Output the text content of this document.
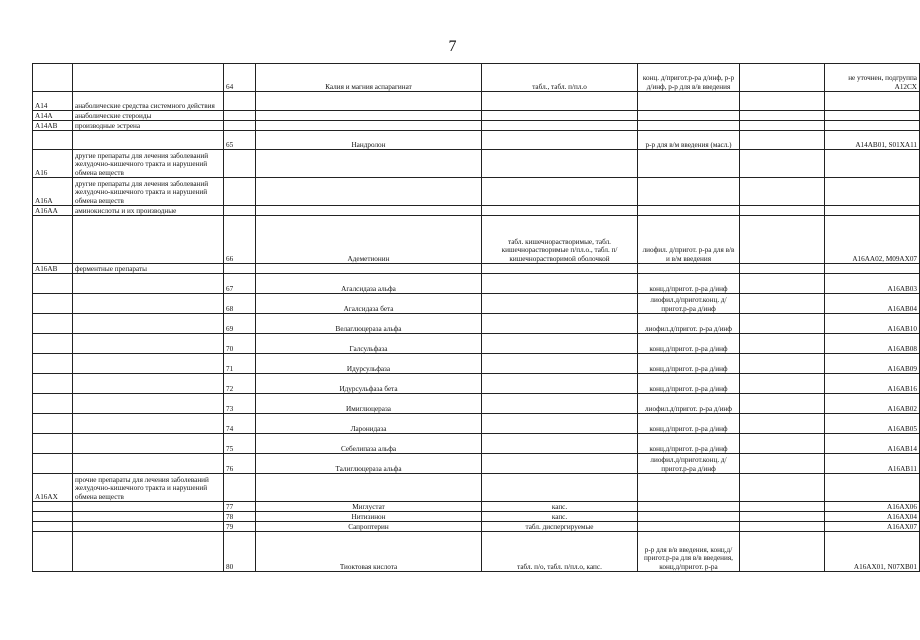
7
		64	Калия и магния аспарагинат	табл., табл. п/пл.о	конц. д/пригот.р-ра д/инф, р-р д/инф, р-р для в/в введения		не уточнен, подгруппа A12CX
A14	анаболические средства системного действия						
A14A	анаболические стероиды						
A14AB	производные эстрена						
		65	Нандролон		р-р для в/м введения (масл.)		A14AB01, S01XA11
A16	другие препараты для лечения заболеваний желудочно-кишечного тракта и нарушений обмена веществ						
A16A	другие препараты для лечения заболеваний желудочно-кишечного тракта и нарушений обмена веществ						
A16AA	аминокислоты и их производные						
		66	Адеметионин	табл. кишечнорастворимые, табл. кишечнорастворимые п/пл.о., табл. п/кишечнорастворимой оболочкой	лиофил. д/пригот. р-ра для в/в и в/м введения		A16AA02, M09AX07
A16AB	ферментные препараты						
		67	Агалсидаза альфа		конц.д/пригот. р-ра д/инф		A16AB03
		68	Агалсидаза бета		лиофил.д/пригот.конц. д/пригот.р-ра д/инф		A16AB04
		69	Велаглюцераза альфа		лиофил.д/пригот. р-ра д/инф		A16AB10
		70	Галсульфаза		конц.д/пригот. р-ра д/инф		A16AB08
		71	Идурсульфаза		конц.д/пригот. р-ра д/инф		A16AB09
		72	Идурсульфаза бета		конц.д/пригот. р-ра д/инф		A16AB16
		73	Имиглюцераза		лиофил.д/пригот. р-ра д/инф		A16AB02
		74	Ларонидаза		конц.д/пригот. р-ра д/инф		A16AB05
		75	Себелипаза альфа		конц.д/пригот. р-ра д/инф		A16AB14
		76	Талиглюцераза альфа		лиофил.д/пригот.конц. д/пригот.р-ра д/инф		A16AB11
A16AX	прочие препараты для лечения заболеваний желудочно-кишечного тракта и нарушений обмена веществ						
		77	Миглустат	капс.			A16AX06
		78	Нитизинон	капс.			A16AX04
		79	Сапроптерин	табл. диспергируемые			A16AX07
		80	Тиоктовая кислота	табл. п/о, табл. п/пл.о, капс.	р-р для в/в введения, конц.д/пригот.р-ра для в/в введения, конц.д/пригот. р-ра		A16AX01, N07XB01
